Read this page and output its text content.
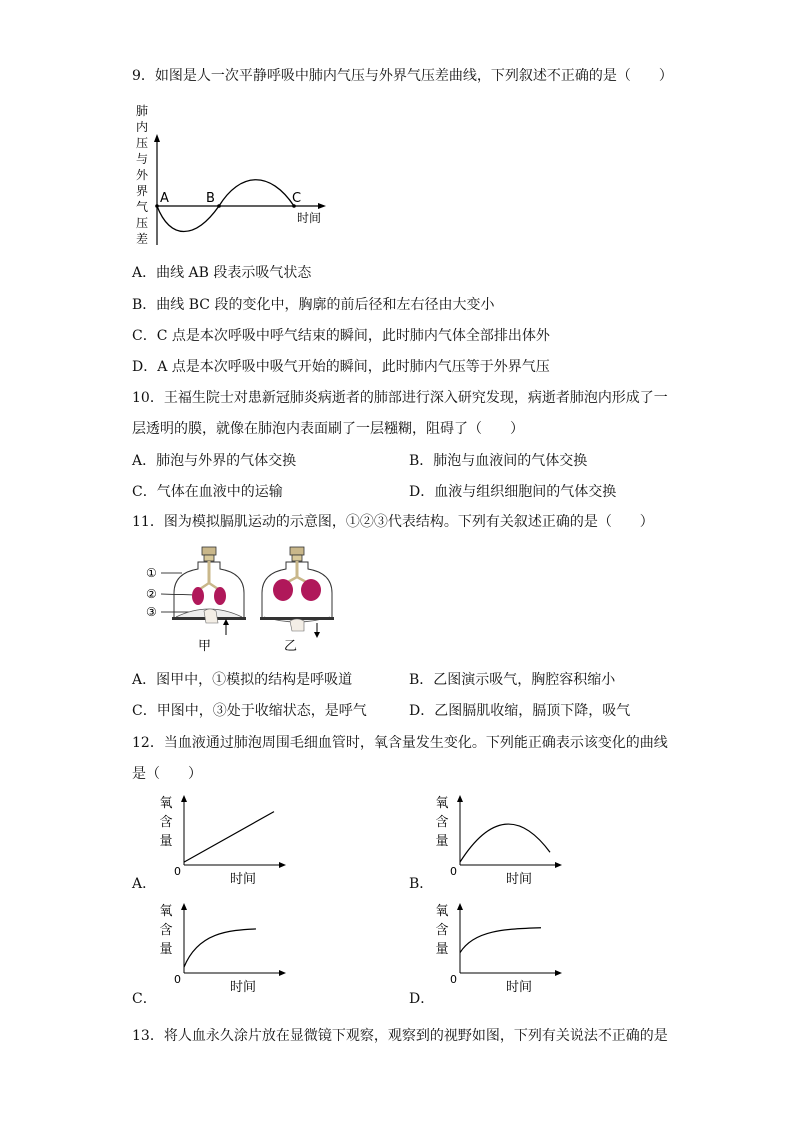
9．如图是人一次平静呼吸中肺内气压与外界气压差曲线，下列叙述不正确的是（　　）
肺
内
压
与
外
界
气
压
差
A	B	C
时间
A．曲线 AB 段表示吸气状态
B．曲线 BC 段的变化中，胸廓的前后径和左右径由大变小
C．C 点是本次呼吸中呼气结束的瞬间，此时肺内气体全部排出体外
D．A 点是本次呼吸中吸气开始的瞬间，此时肺内气压等于外界气压
10．王福生院士对患新冠肺炎病逝者的肺部进行深入研究发现，病逝者肺泡内形成了一
层透明的膜，就像在肺泡内表面刷了一层糨糊，阻碍了（　　）
A．肺泡与外界的气体交换	B．肺泡与血液间的气体交换
C．气体在血液中的运输	D．血液与组织细胞间的气体交换
11．图为模拟膈肌运动的示意图，①②③代表结构。下列有关叙述正确的是（　　）
①
②
③
甲	乙
A．图甲中，①模拟的结构是呼吸道	B．乙图演示吸气，胸腔容积缩小
C．甲图中，③处于收缩状态，是呼气	D．乙图膈肌收缩，膈顶下降，吸气
12．当血液通过肺泡周围毛细血管时，氧含量发生变化。下列能正确表示该变化的曲线
是（　　）
A．	B．
C．	D．
氧
含
量
0
时间
氧
含
量
0
时间
氧
含
量
0
时间
氧
含
量
0
时间
13．将人血永久涂片放在显微镜下观察，观察到的视野如图，下列有关说法不正确的是
